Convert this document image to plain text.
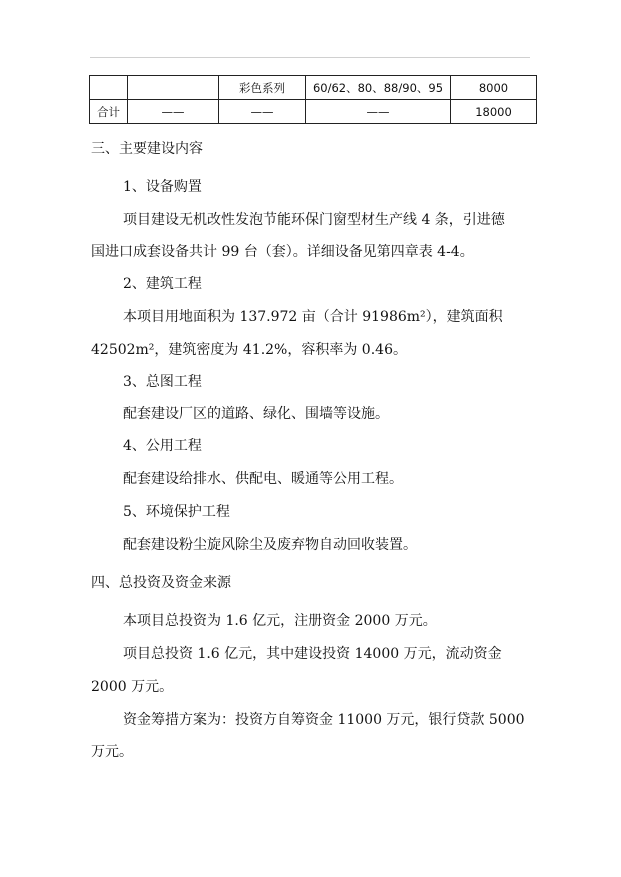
		彩色系列	60/62、80、88/90、95	8000
合计	——	——	——	18000
三、主要建设内容
1、设备购置
项目建设无机改性发泡节能环保门窗型材生产线 4 条，引进德
国进口成套设备共计 99 台（套）。详细设备见第四章表 4-4。
2、建筑工程
本项目用地面积为 137.972 亩（合计 91986m²），建筑面积
42502m²，建筑密度为 41.2%，容积率为 0.46。
3、总图工程
配套建设厂区的道路、绿化、围墙等设施。
4、公用工程
配套建设给排水、供配电、暖通等公用工程。
5、环境保护工程
配套建设粉尘旋风除尘及废弃物自动回收装置。
四、总投资及资金来源
本项目总投资为 1.6 亿元，注册资金 2000 万元。
项目总投资 1.6 亿元，其中建设投资 14000 万元，流动资金
2000 万元。
资金筹措方案为：投资方自筹资金 11000 万元，银行贷款 5000
万元。
